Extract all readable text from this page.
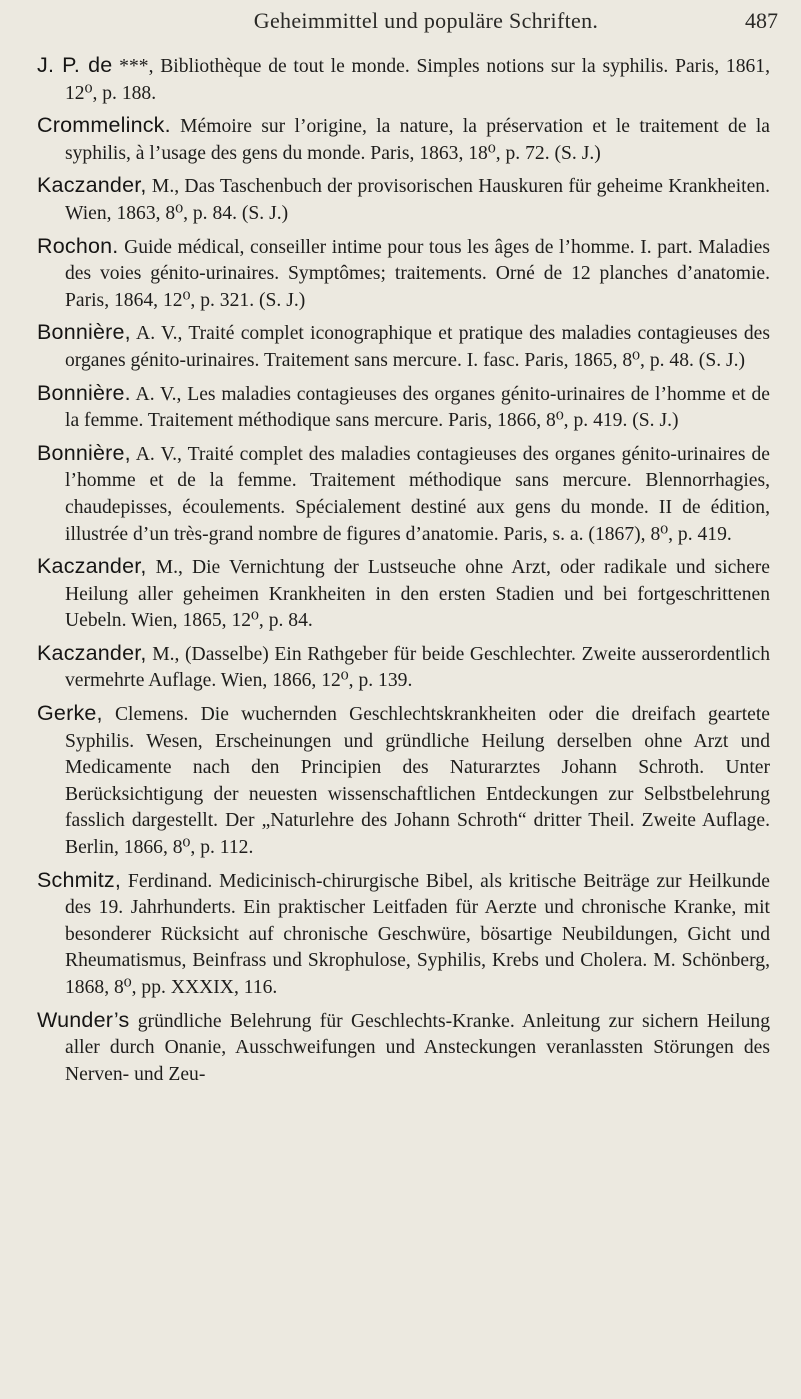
Geheimmittel und populäre Schriften.	487

J. P. de ***, Bibliothèque de tout le monde. Simples notions sur la syphilis. Paris, 1861, 12⁰, p. 188.

Crommelinck. Mémoire sur l’origine, la nature, la préservation et le traitement de la syphilis, à l’usage des gens du monde. Paris, 1863, 18⁰, p. 72. (S. J.)

Kaczander, M., Das Taschenbuch der provisorischen Hauskuren für geheime Krankheiten. Wien, 1863, 8⁰, p. 84. (S. J.)

Rochon. Guide médical, conseiller intime pour tous les âges de l’homme. I. part. Maladies des voies génito-urinaires. Symptômes; traitements. Orné de 12 planches d’anatomie. Paris, 1864, 12⁰, p. 321. (S. J.)

Bonnière, A. V., Traité complet iconographique et pratique des maladies contagieuses des organes génito-urinaires. Traitement sans mercure. I. fasc. Paris, 1865, 8⁰, p. 48. (S. J.)

Bonnière. A. V., Les maladies contagieuses des organes génito-urinaires de l’homme et de la femme. Traitement méthodique sans mercure. Paris, 1866, 8⁰, p. 419. (S. J.)

Bonnière, A. V., Traité complet des maladies contagieuses des organes génito-urinaires de l’homme et de la femme. Traitement méthodique sans mercure. Blennorrhagies, chaudepisses, écoulements. Spécialement destiné aux gens du monde. II de édition, illustrée d’un très-grand nombre de figures d’anatomie. Paris, s. a. (1867), 8⁰, p. 419.

Kaczander, M., Die Vernichtung der Lustseuche ohne Arzt, oder radikale und sichere Heilung aller geheimen Krankheiten in den ersten Stadien und bei fortgeschrittenen Uebeln. Wien, 1865, 12⁰, p. 84.

Kaczander, M., (Dasselbe) Ein Rathgeber für beide Geschlechter. Zweite ausserordentlich vermehrte Auflage. Wien, 1866, 12⁰, p. 139.

Gerke, Clemens. Die wuchernden Geschlechtskrankheiten oder die dreifach geartete Syphilis. Wesen, Erscheinungen und gründliche Heilung derselben ohne Arzt und Medicamente nach den Principien des Naturarztes Johann Schroth. Unter Berücksichtigung der neuesten wissenschaftlichen Entdeckungen zur Selbstbelehrung fasslich dargestellt. Der „Naturlehre des Johann Schroth“ dritter Theil. Zweite Auflage. Berlin, 1866, 8⁰, p. 112.

Schmitz, Ferdinand. Medicinisch-chirurgische Bibel, als kritische Beiträge zur Heilkunde des 19. Jahrhunderts. Ein praktischer Leitfaden für Aerzte und chronische Kranke, mit besonderer Rücksicht auf chronische Geschwüre, bösartige Neubildungen, Gicht und Rheumatismus, Beinfrass und Skrophulose, Syphilis, Krebs und Cholera. M. Schönberg, 1868, 8⁰, pp. XXXIX, 116.

Wunder’s gründliche Belehrung für Geschlechts-Kranke. Anleitung zur sichern Heilung aller durch Onanie, Ausschweifungen und Ansteckungen veranlassten Störungen des Nerven- und Zeu-
